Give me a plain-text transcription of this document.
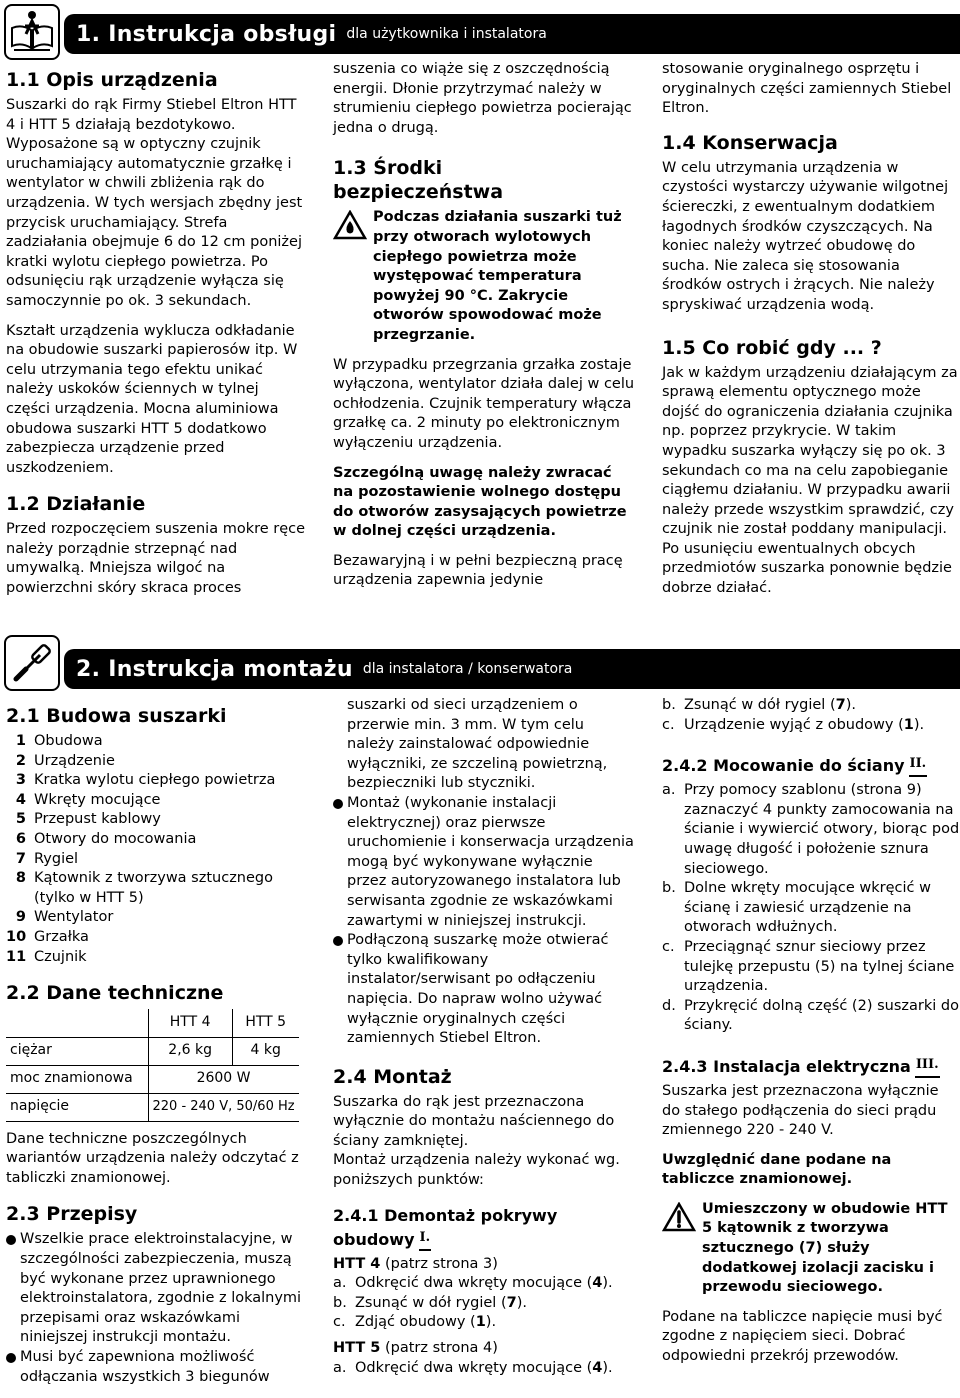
1. Instrukcja obsługi dla użytkownika i instalatora
1.1 Opis urządzenia

Suszarki do rąk Firmy Stiebel Eltron HTT 4 i HTT 5 działają bezdotykowo. Wyposażone są w optyczny czujnik uruchamiający automatycznie grzałkę i wentylator w chwili zbliżenia rąk do urządzenia. W tych wersjach zbędny jest przycisk uruchamiający. Strefa zadziałania obejmuje 6 do 12 cm poniżej kratki wylotu ciepłego powietrza. Po odsunięciu rąk urządzenie wyłącza się samoczynnie po ok. 3 sekundach.

Kształt urządzenia wyklucza odkładanie na obudowie suszarki papierosów itp. W celu utrzymania tego efektu unikać należy uskoków ściennych w tylnej części urządzenia. Mocna aluminiowa obudowa suszarki HTT 5 dodatkowo zabezpiecza urządzenie przed uszkodzeniem.

1.2 Działanie

Przed rozpoczęciem suszenia mokre ręce należy porządnie strzepnąć nad umywalką. Mniejsza wilgoć na powierzchni skóry skraca proces

suszenia co wiąże się z oszczędnością energii. Dłonie przytrzymać należy w strumieniu ciepłego powietrza pocierając jedna o drugą.

1.3 Środki bezpieczeństwa

Podczas działania suszarki tuż przy otworach wylotowych ciepłego powietrza może występować temperatura powyżej 90 °C. Zakrycie otworów spowodować może przegrzanie.

W przypadku przegrzania grzałka zostaje wyłączona, wentylator działa dalej w celu ochłodzenia. Czujnik temperatury włącza grzałkę ca. 2 minuty po elektronicznym wyłączeniu urządzenia.

Szczególną uwagę należy zwracać na pozostawienie wolnego dostępu do otworów zasysających powietrze w dolnej części urządzenia.

Bezawaryjną i w pełni bezpieczną pracę urządzenia zapewnia jedynie

stosowanie oryginalnego osprzętu i oryginalnych części zamiennych Stiebel Eltron.

1.4 Konserwacja

W celu utrzymania urządzenia w czystości wystarczy używanie wilgotnej ściereczki, z ewentualnym dodatkiem łagodnych środków czyszczących. Na koniec należy wytrzeć obudowę do sucha. Nie zaleca się stosowania środków ostrych i żrących. Nie należy spryskiwać urządzenia wodą.

1.5 Co robić gdy ... ?

Jak w każdym urządzeniu działającym za sprawą elementu optycznego może dojść do ograniczenia działania czujnika np. poprzez przykrycie. W takim wypadku suszarka wyłączy się po ok. 3 sekundach co ma na celu zapobieganie ciągłemu działaniu. W przypadku awarii należy przede wszystkim sprawdzić, czy czujnik nie został poddany manipulacji. Po usunięciu ewentualnych obcych przedmiotów suszarka ponownie będzie dobrze działać.

2. Instrukcja montażu dla instalatora / konserwatora
2.1 Budowa suszarki
1 Obudowa
2 Urządzenie
3 Kratka wylotu ciepłego powietrza
4 Wkręty mocujące
5 Przepust kablowy
6 Otwory do mocowania
7 Rygiel
8 Kątownik z tworzywa sztucznego (tylko w HTT 5)
9 Wentylator
10 Grzałka
11 Czujnik
2.2 Dane techniczne
	HTT 4	HTT 5
ciężar	2,6 kg	4 kg
moc znamionowa	2600 W	
napięcie	220 - 240 V, 50/60 Hz	

Dane techniczne poszczególnych wariantów urządzenia należy odczytać z tabliczki znamionowej.

2.3 Przepisy
Wszelkie prace elektroinstalacyjne, w szczególności zabezpieczenia, muszą być wykonane przez uprawnionego elektroinstalatora, zgodnie z lokalnymi przepisami oraz wskazówkami niniejszej instrukcji montażu.
Musi być zapewniona możliwość odłączania wszystkich 3 biegunów

suszarki od sieci urządzeniem o przerwie min. 3 mm. W tym celu należy zainstalować odpowiednie wyłączniki, ze szczeliną powietrzną, bezpieczniki lub styczniki.

Montaż (wykonanie instalacji elektrycznej) oraz pierwsze uruchomienie i konserwacja urządzenia mogą być wykonywane wyłącznie przez autoryzowanego instalatora lub serwisanta zgodnie ze wskazówkami zawartymi w niniejszej instrukcji.
Podłączoną suszarkę może otwierać tylko kwalifikowany instalator/serwisant po odłączeniu napięcia. Do napraw wolno używać wyłącznie oryginalnych części zamiennych Stiebel Eltron.
2.4 Montaż

Suszarka do rąk jest przeznaczona wyłącznie do montażu naściennego do ściany zamkniętej.

Montaż urządzenia należy wykonać wg. poniższych punktów:

2.4.1 Demontaż pokrywy obudowy I.

HTT 4 (patrz strona 3)

a. Odkręcić dwa wkręty mocujące (4).
b. Zsunąć w dół rygiel (7).
c. Zdjąć obudowy (1).

HTT 5 (patrz strona 4)

a. Odkręcić dwa wkręty mocujące (4).
b. Zsunąć w dół rygiel (7).
c. Urządzenie wyjąć z obudowy (1).
2.4.2 Mocowanie do ściany II.
a. Przy pomocy szablonu (strona 9) zaznaczyć 4 punkty zamocowania na ścianie i wywiercić otwory, biorąc pod uwagę długość i położenie sznura sieciowego.
b. Dolne wkręty mocujące wkręcić w ścianę i zawiesić urządzenie na otworach wdłużnych.
c. Przeciągnąć sznur sieciowy przez tulejkę przepustu (5) na tylnej ściane urządzenia.
d. Przykręcić dolną część (2) suszarki do ściany.
2.4.3 Instalacja elektryczna III.

Suszarka jest przeznaczona wyłącznie do stałego podłączenia do sieci prądu zmiennego 220 - 240 V.

Uwzględnić dane podane na tabliczce znamionowej.

Umieszczony w obudowie HTT 5 kątownik z tworzywa sztucznego (7) służy dodatkowej izolacji zacisku i przewodu sieciowego.

Podane na tabliczce napięcie musi być zgodne z napięciem sieci. Dobrać odpowiedni przekrój przewodów.
